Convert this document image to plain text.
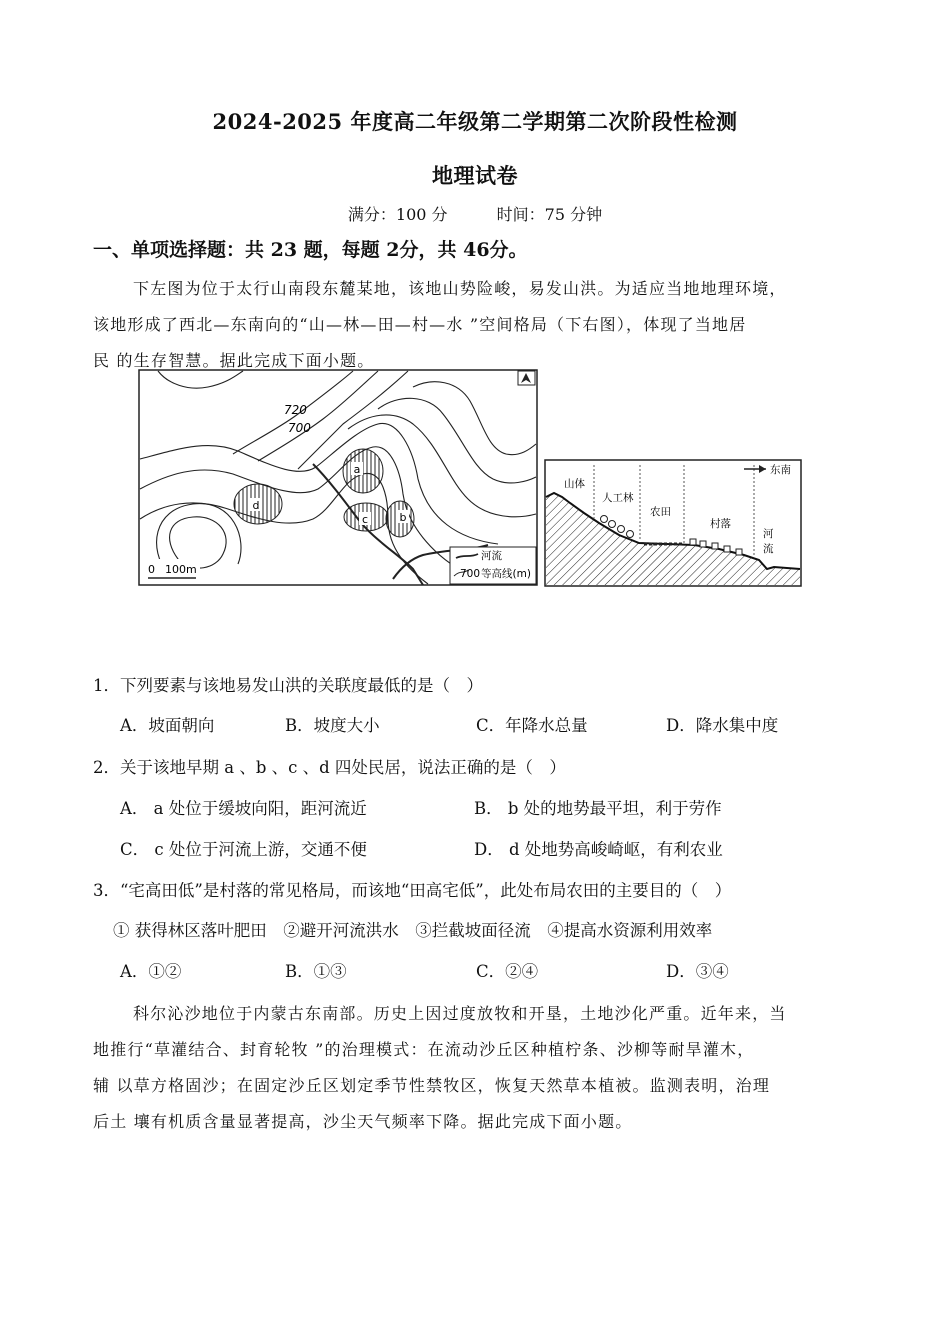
2024-2025 年度高二年级第二学期第二次阶段性检测
地理试卷
满分：100 分	时间：75 分钟
一、单项选择题：共 23 题，每题 2分，共 46分。

下左图为位于太行山南段东麓某地，该地山势险峻，易发山洪。为适应当地地理环境，

该地形成了西北—东南向的“山—林—田—村—水 ”空间格局（下右图），体现了当地居

民 的生存智慧。据此完成下面小题。

a
c	b
d
720
700
0 100m
河流
700 等高线(m)
东南
山体
人工林
农田
村落
河
流
1．下列要素与该地易发山洪的关联度最低的是（　）
A．坡面朝向	B．坡度大小	C．年降水总量	D．降水集中度
2．关于该地早期 a 、b 、c 、d 四处民居，说法正确的是（　）
A． a 处位于缓坡向阳，距河流近	B． b 处的地势最平坦，利于劳作
C． c 处位于河流上游，交通不便	D． d 处地势高峻崎岖，有利农业
3．“宅高田低”是村落的常见格局，而该地“田高宅低”，此处布局农田的主要目的（　）
① 获得林区落叶肥田　②避开河流洪水　③拦截坡面径流　④提高水资源利用效率
A．①②	B．①③	C．②④	D．③④

科尔沁沙地位于内蒙古东南部。历史上因过度放牧和开垦，土地沙化严重。近年来，当

地推行“草灌结合、封育轮牧 ”的治理模式：在流动沙丘区种植柠条、沙柳等耐旱灌木，

辅 以草方格固沙；在固定沙丘区划定季节性禁牧区，恢复天然草本植被。监测表明，治理

后土 壤有机质含量显著提高，沙尘天气频率下降。据此完成下面小题。
